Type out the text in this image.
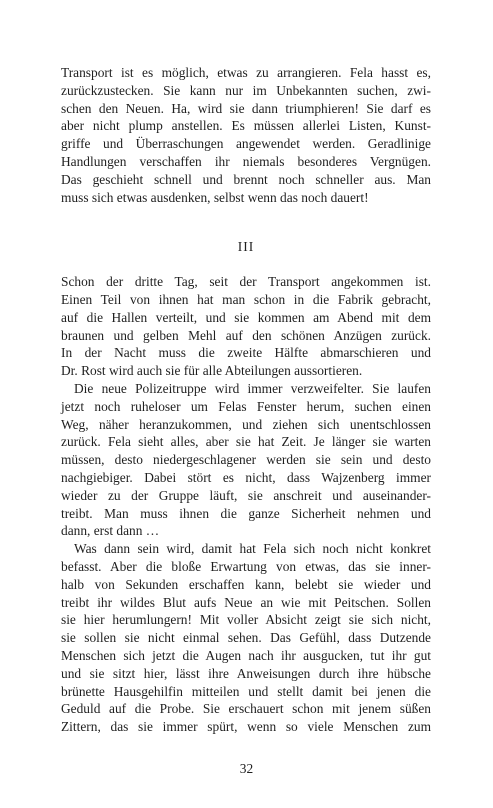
Transport ist es möglich, etwas zu arrangieren. Fela hasst es,
zurückzustecken. Sie kann nur im Unbekannten suchen, zwi-
schen den Neuen. Ha, wird sie dann triumphieren! Sie darf es
aber nicht plump anstellen. Es müssen allerlei Listen, Kunst-
griffe und Überraschungen angewendet werden. Geradlinige
Handlungen verschaffen ihr niemals besonderes Vergnügen.
Das geschieht schnell und brennt noch schneller aus. Man
muss sich etwas ausdenken, selbst wenn das noch dauert!
III
Schon der dritte Tag, seit der Transport angekommen ist.
Einen Teil von ihnen hat man schon in die Fabrik gebracht,
auf die Hallen verteilt, und sie kommen am Abend mit dem
braunen und gelben Mehl auf den schönen Anzügen zurück.
In der Nacht muss die zweite Hälfte abmarschieren und
Dr. Rost wird auch sie für alle Abteilungen aussortieren.
Die neue Polizeitruppe wird immer verzweifelter. Sie laufen
jetzt noch ruheloser um Felas Fenster herum, suchen einen
Weg, näher heranzukommen, und ziehen sich unentschlossen
zurück. Fela sieht alles, aber sie hat Zeit. Je länger sie warten
müssen, desto niedergeschlagener werden sie sein und desto
nachgiebiger. Dabei stört es nicht, dass Wajzenberg immer
wieder zu der Gruppe läuft, sie anschreit und auseinander-
treibt. Man muss ihnen die ganze Sicherheit nehmen und
dann, erst dann …
Was dann sein wird, damit hat Fela sich noch nicht konkret
befasst. Aber die bloße Erwartung von etwas, das sie inner-
halb von Sekunden erschaffen kann, belebt sie wieder und
treibt ihr wildes Blut aufs Neue an wie mit Peitschen. Sollen
sie hier herumlungern! Mit voller Absicht zeigt sie sich nicht,
sie sollen sie nicht einmal sehen. Das Gefühl, dass Dutzende
Menschen sich jetzt die Augen nach ihr ausgucken, tut ihr gut
und sie sitzt hier, lässt ihre Anweisungen durch ihre hübsche
brünette Hausgehilfin mitteilen und stellt damit bei jenen die
Geduld auf die Probe. Sie erschauert schon mit jenem süßen
Zittern, das sie immer spürt, wenn so viele Menschen zum
32
